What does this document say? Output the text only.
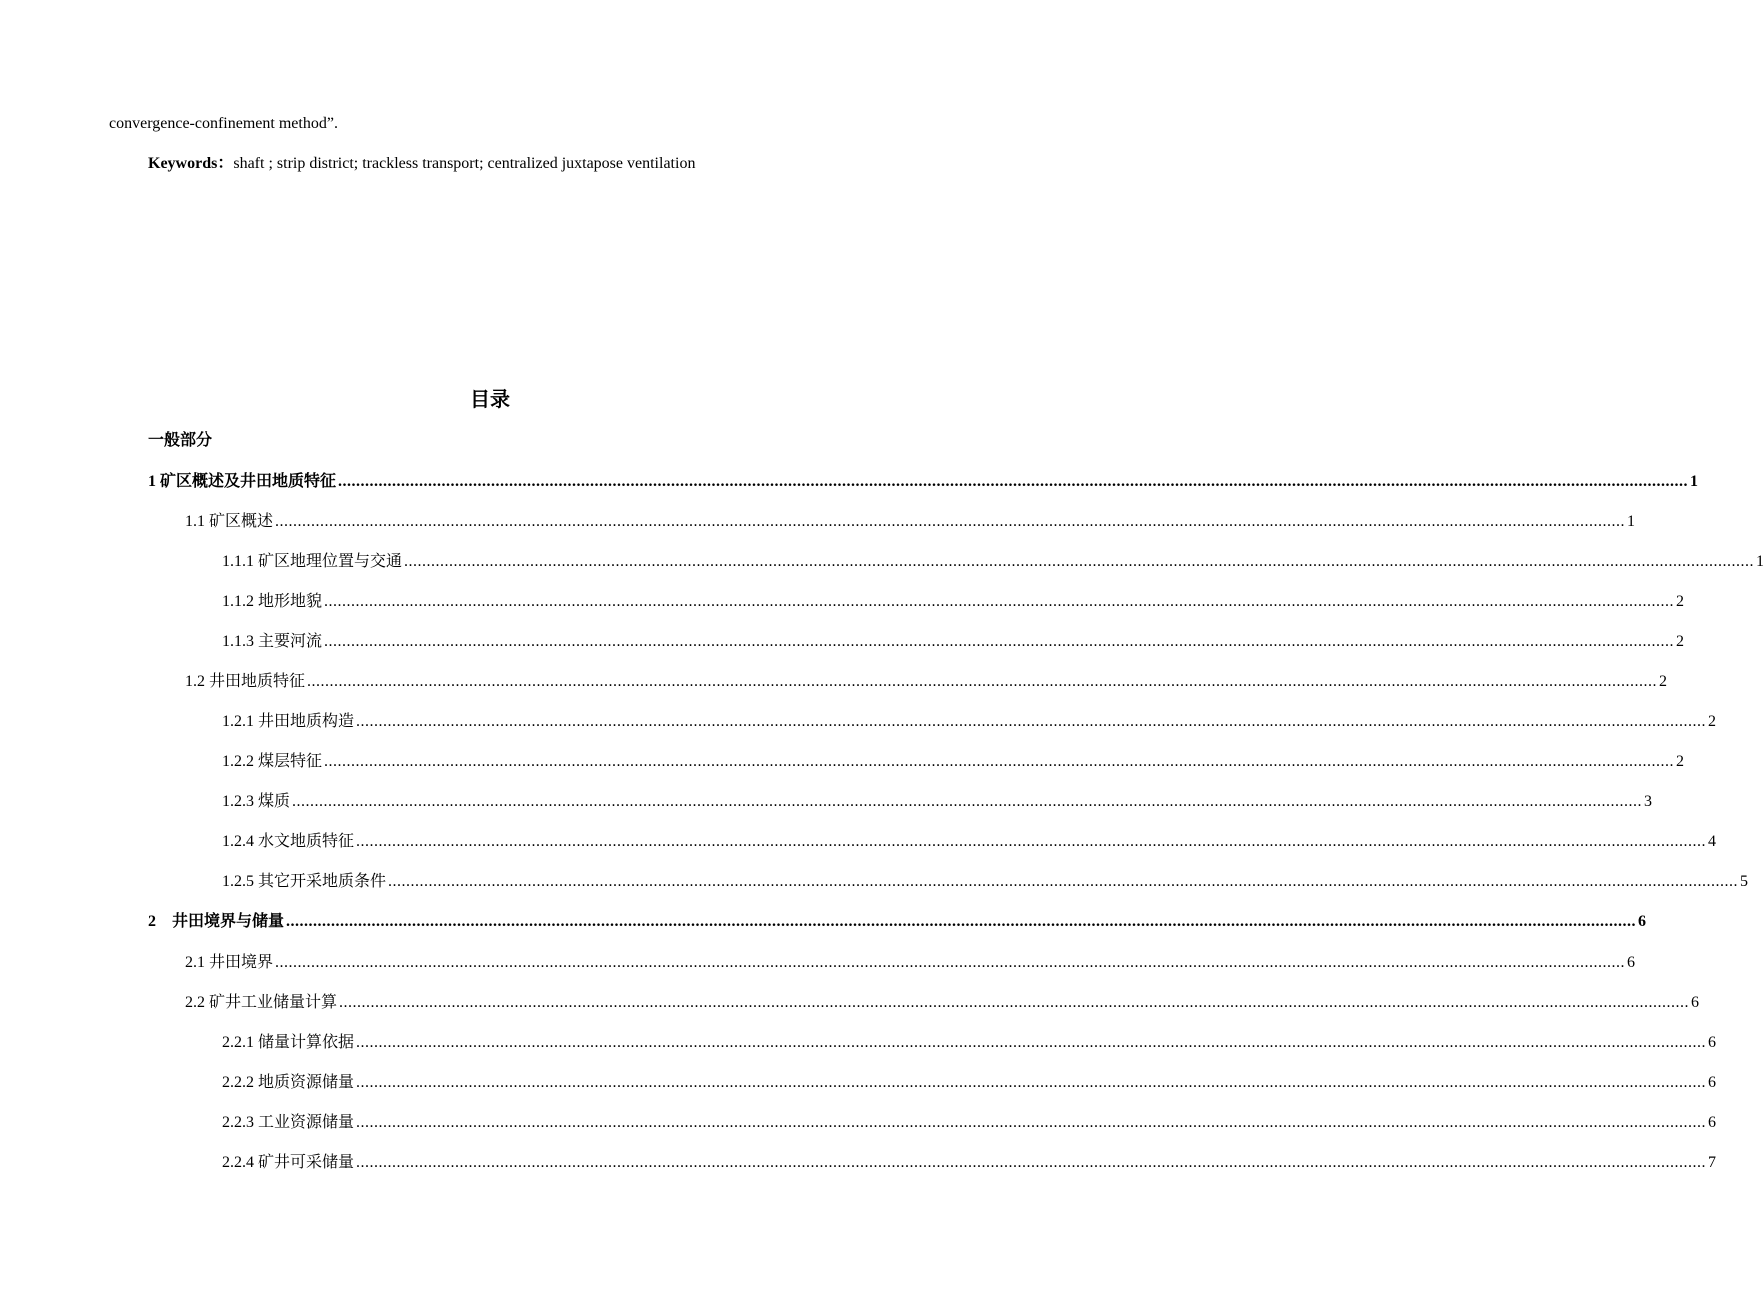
convergence-confinement method”.
Keywords：shaft ; strip district; trackless transport; centralized juxtapose ventilation
目录
一般部分
1 矿区概述及井田地质特征 ............................................................................................................................................................................................................................................................................................................ 1
1.1 矿区概述 ............................................................................................................................................................................................................................................................................................................ 1
1.1.1 矿区地理位置与交通 ............................................................................................................................................................................................................................................................................................................ 1
1.1.2 地形地貌 ............................................................................................................................................................................................................................................................................................................ 2
1.1.3 主要河流 ............................................................................................................................................................................................................................................................................................................ 2
1.2 井田地质特征 ............................................................................................................................................................................................................................................................................................................ 2
1.2.1 井田地质构造 ............................................................................................................................................................................................................................................................................................................ 2
1.2.2 煤层特征 ............................................................................................................................................................................................................................................................................................................ 2
1.2.3 煤质 ............................................................................................................................................................................................................................................................................................................ 3
1.2.4 水文地质特征 ............................................................................................................................................................................................................................................................................................................ 4
1.2.5 其它开采地质条件 ............................................................................................................................................................................................................................................................................................................ 5
2　井田境界与储量 ............................................................................................................................................................................................................................................................................................................ 6
2.1 井田境界 ............................................................................................................................................................................................................................................................................................................ 6
2.2 矿井工业储量计算 ............................................................................................................................................................................................................................................................................................................ 6
2.2.1 储量计算依据 ............................................................................................................................................................................................................................................................................................................ 6
2.2.2 地质资源储量 ............................................................................................................................................................................................................................................................................................................ 6
2.2.3 工业资源储量 ............................................................................................................................................................................................................................................................................................................ 6
2.2.4 矿井可采储量 ............................................................................................................................................................................................................................................................................................................ 7
